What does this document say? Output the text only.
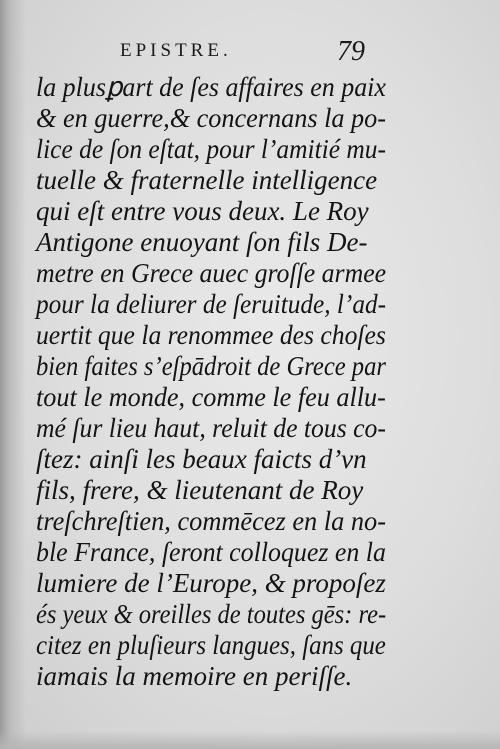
EPISTRE.	79
la plusꝑart de ſes affaires en paix
& en guerre,& concernans la po-
lice de ſon eſtat, pour l’amitié mu-
tuelle & fraternelle intelligence
qui eſt entre vous deux. Le Roy
Antigone enuoyant ſon fils De-
metre en Grece auec groſſe armee
pour la deliurer de ſeruitude, l’ad-
uertit que la renommee des choſes
bien faites s’eſpādroit de Grece par
tout le monde, comme le feu allu-
mé ſur lieu haut, reluit de tous co-
ſtez: ainſi les beaux faicts d’vn
fils, frere, & lieutenant de Roy
treſchreſtien, commēcez en la no-
ble France, ſeront colloquez en la
lumiere de l’Europe, & propoſez
és yeux & oreilles de toutes gēs: re-
citez en pluſieurs langues, ſans que
iamais la memoire en periſſe.
